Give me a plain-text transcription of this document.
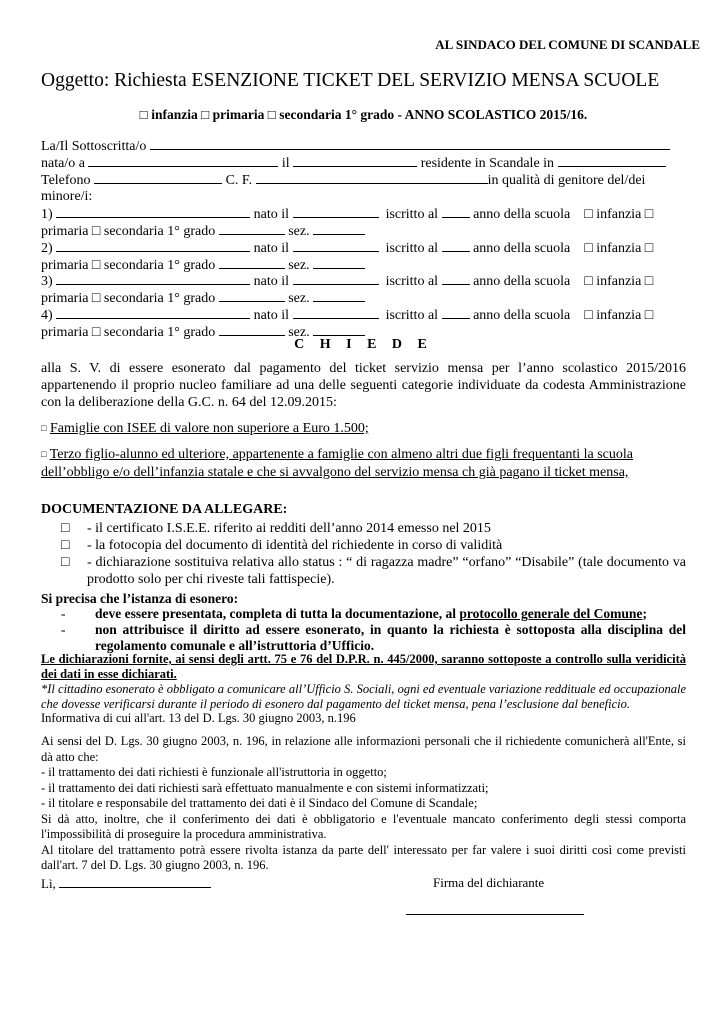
AL SINDACO DEL COMUNE DI SCANDALE
Oggetto: Richiesta ESENZIONE TICKET DEL SERVIZIO MENSA SCUOLE
□ infanzia □ primaria □ secondaria 1° grado - ANNO SCOLASTICO 2015/16.
La/Il Sottoscritta/o
nata/o a	il	residente in Scandale in
Telefono	C. F.	in qualità di genitore del/dei
minore/i:
1)	nato il	iscritto al	anno della scuola □ infanzia □
primaria □ secondaria 1° grado	sez.
2)	nato il	iscritto al	anno della scuola □ infanzia □
primaria □ secondaria 1° grado	sez.
3)	nato il	iscritto al	anno della scuola □ infanzia □
primaria □ secondaria 1° grado	sez.
4)	nato il	iscritto al	anno della scuola □ infanzia □
primaria □ secondaria 1° grado	sez.
C H I E D E
alla S. V. di essere esonerato dal pagamento del ticket servizio mensa per l’anno scolastico 2015/2016 appartenendo il proprio nucleo familiare ad una delle seguenti categorie individuate da codesta Amministrazione con la deliberazione della G.C. n. 64 del 12.09.2015:
□ Famiglie con ISEE di valore non superiore a Euro 1.500;
□ Terzo figlio-alunno ed ulteriore, appartenente a famiglie con almeno altri due figli frequentanti la scuola dell’obbligo e/o dell’infanzia statale e che si avvalgono del servizio mensa ch già pagano il ticket mensa,
DOCUMENTAZIONE DA ALLEGARE:
□	- il certificato I.S.E.E. riferito ai redditi dell’anno 2014 emesso nel 2015
□	- la fotocopia del documento di identità del richiedente in corso di validità
□	- dichiarazione sostituiva relativa allo status : “ di ragazza madre” “orfano” “Disabile” (tale documento va prodotto solo per chi riveste tali fattispecie).
Si precisa che l’istanza di esonero:
-	deve essere presentata, completa di tutta la documentazione, al protocollo generale del Comune;
-	non attribuisce il diritto ad essere esonerato, in quanto la richiesta è sottoposta alla disciplina del regolamento comunale e all’istruttoria d’Ufficio.
Le dichiarazioni fornite, ai sensi degli artt. 75 e 76 del D.P.R. n. 445/2000, saranno sottoposte a controllo sulla veridicità dei dati in esse dichiarati.
*Il cittadino esonerato è obbligato a comunicare all’Ufficio S. Sociali, ogni ed eventuale variazione reddituale ed occupazionale che dovesse verificarsi durante il periodo di esonero dal pagamento del ticket mensa, pena l’esclusione dal beneficio.
Informativa di cui all'art. 13 del D. Lgs. 30 giugno 2003, n.196

Ai sensi del D. Lgs. 30 giugno 2003, n. 196, in relazione alle informazioni personali che il richiedente comunicherà all'Ente, si dà atto che:

- il trattamento dei dati richiesti è funzionale all'istruttoria in oggetto;

- il trattamento dei dati richiesti sarà effettuato manualmente e con sistemi informatizzati;

- il titolare e responsabile del trattamento dei dati è il Sindaco del Comune di Scandale;

Si dà atto, inoltre, che il conferimento dei dati è obbligatorio e l'eventuale mancato conferimento degli stessi comporta l'impossibilità di proseguire la procedura amministrativa.

Al titolare del trattamento potrà essere rivolta istanza da parte dell' interessato per far valere i suoi diritti così come previsti dall'art. 7 del D. Lgs. 30 giugno 2003, n. 196.

Lì,	Firma del dichiarante
